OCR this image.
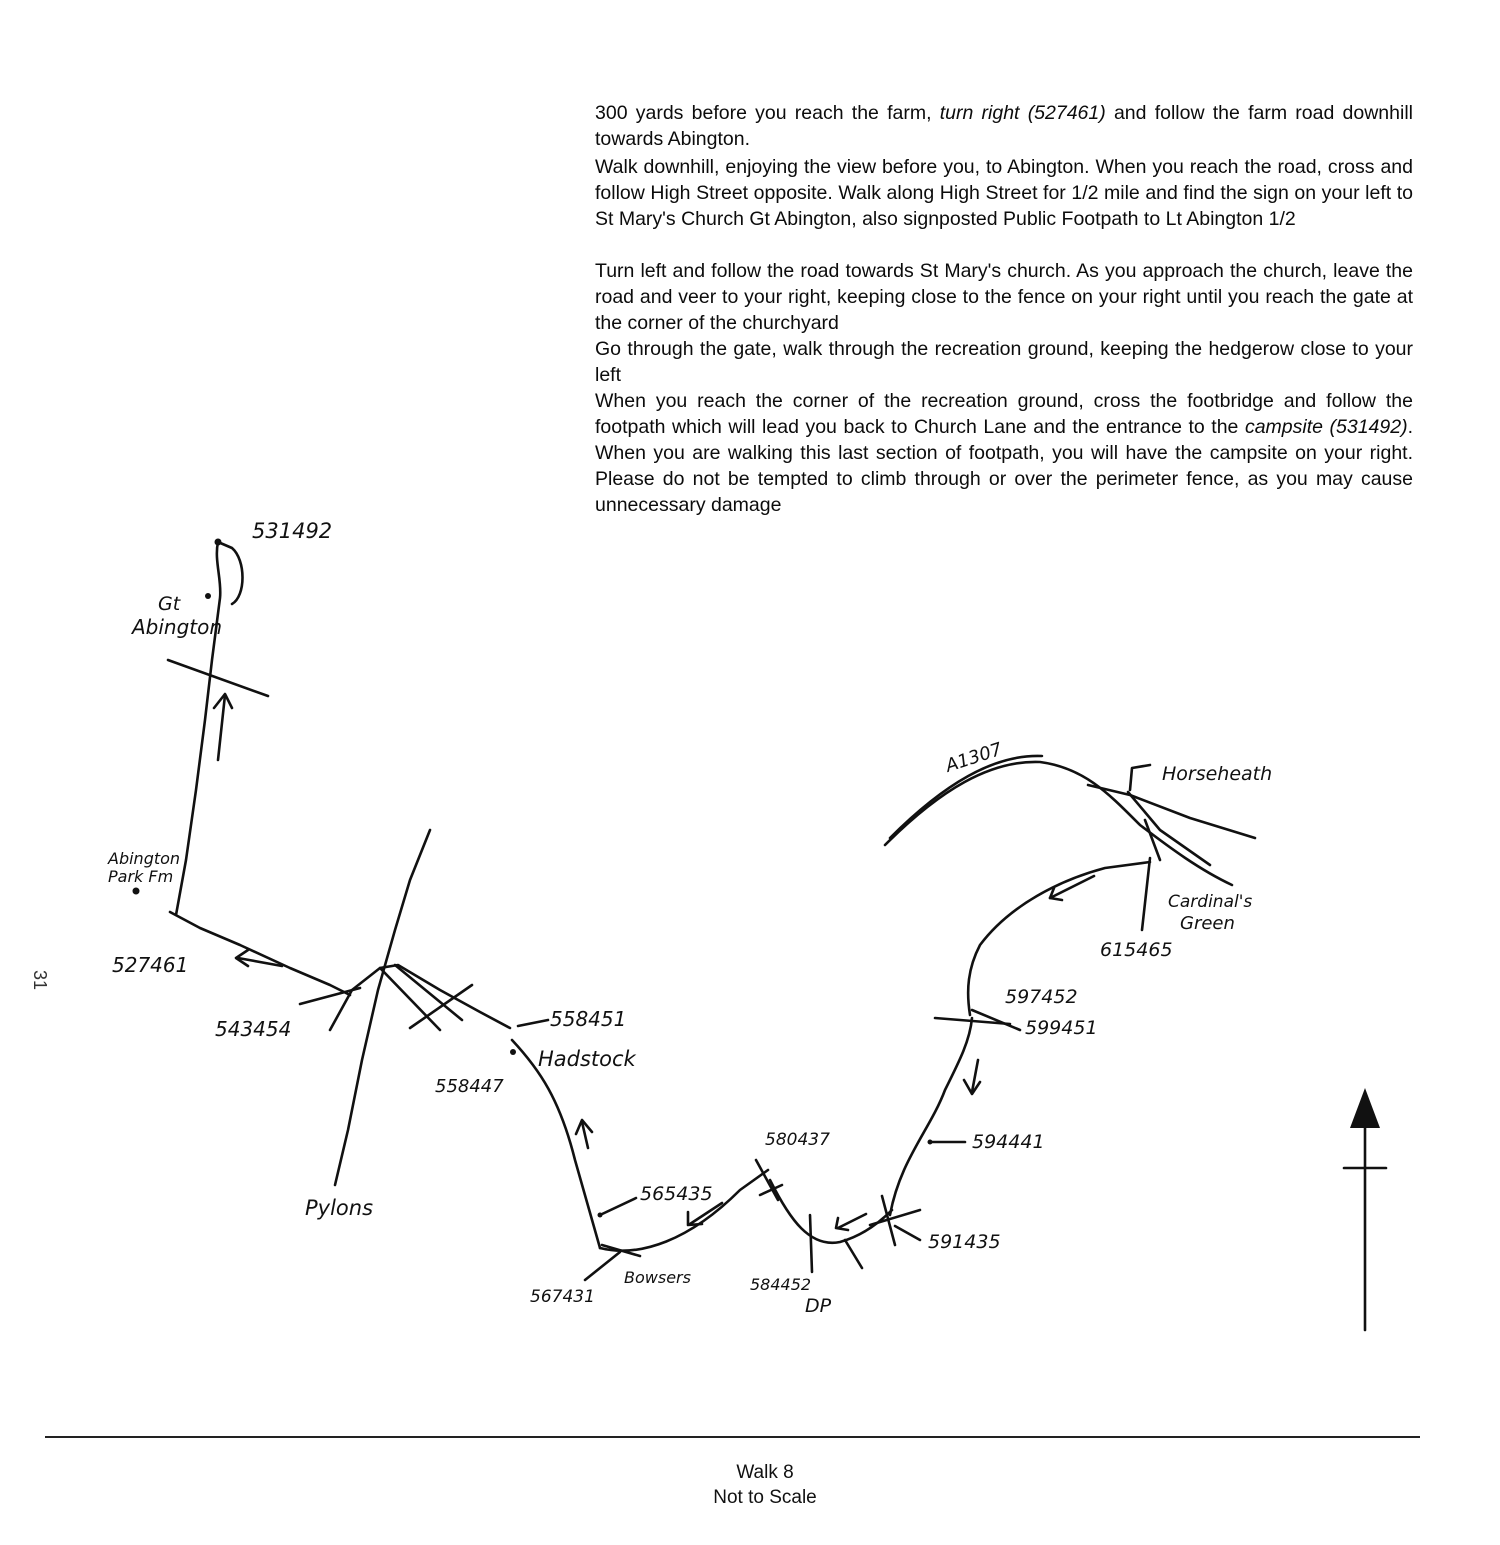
300 yards before you reach the farm, turn right (527461) and follow the farm road downhill towards Abington.

Walk downhill, enjoying the view before you, to Abington. When you reach the road, cross and follow High Street opposite. Walk along High Street for 1/2 mile and find the sign on your left to St Mary's Church Gt Abington, also signposted Public Footpath to Lt Abington 1/2

Turn left and follow the road towards St Mary's church. As you approach the church, leave the road and veer to your right, keeping close to the fence on your right until you reach the gate at the corner of the churchyard

Go through the gate, walk through the recreation ground, keeping the hedgerow close to your left

When you reach the corner of the recreation ground, cross the footbridge and follow the footpath which will lead you back to Church Lane and the entrance to the campsite (531492). When you are walking this last section of footpath, you will have the campsite on your right. Please do not be tempted to climb through or over the perimeter fence, as you may cause unnecessary damage

531492
Gt
Abington
Abington
Park Fm
527461
543454	558451
558447
Hadstock
Pylons
565435
567431
Bowsers
580437
584452
DP
591435
594441
597452
599451
615465
Cardinal's
Green
A1307	Horseheath
Walk 8
Not to Scale
31
